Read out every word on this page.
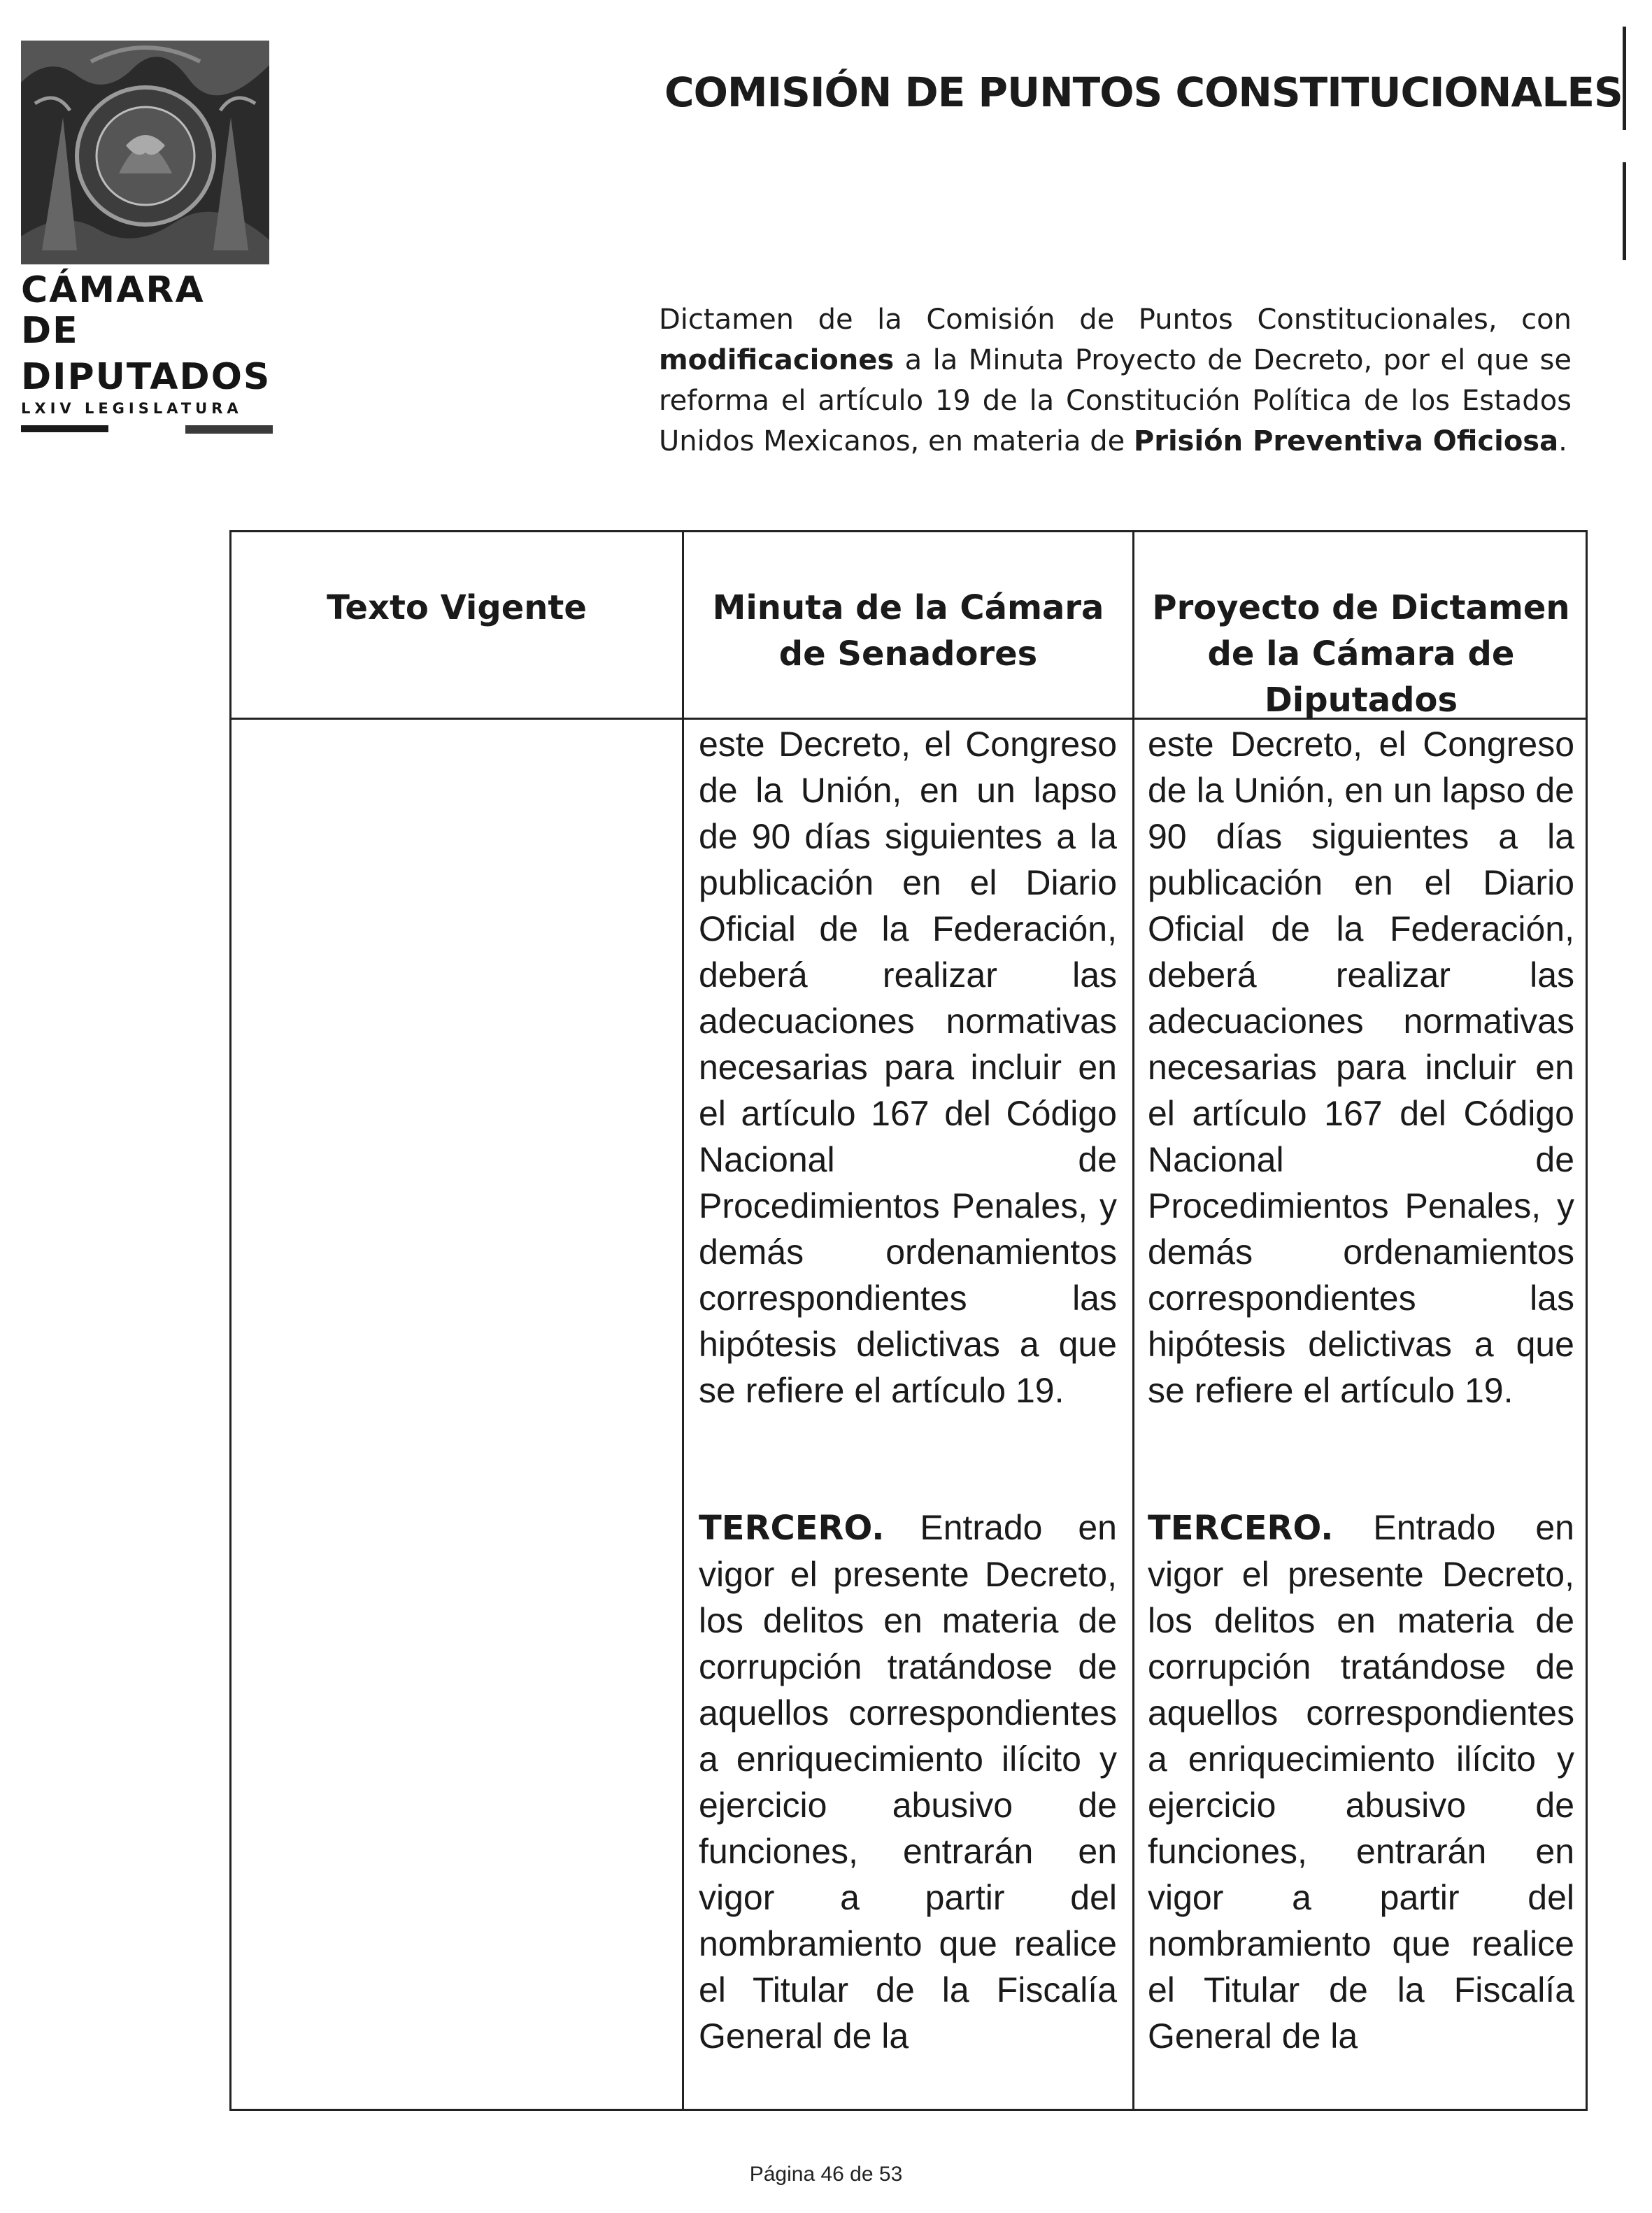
CÁMARA DE
DIPUTADOS
LXIV LEGISLATURA
COMISIÓN DE PUNTOS CONSTITUCIONALES
Dictamen de la Comisión de Puntos Constitucionales, con modificaciones a la Minuta Proyecto de Decreto, por el que se reforma el artículo 19 de la Constitución Política de los Estados Unidos Mexicanos, en materia de Prisión Preventiva Oficiosa.
Texto Vigente	Minuta de la Cámara de Senadores
Proyecto de Dictamen de la Cámara de Diputados
este Decreto, el Congreso de la Unión, en un lapso de 90 días siguientes a la publicación en el Diario Oficial de la Federación, deberá realizar las adecuaciones normativas necesarias para incluir en el artículo 167 del Código Nacional de Procedimientos Penales, y demás ordenamientos correspondientes las hipótesis delictivas a que se refiere el artículo 19.
este Decreto, el Congreso de la Unión, en un lapso de 90 días siguientes a la publicación en el Diario Oficial de la Federación, deberá realizar las adecuaciones normativas necesarias para incluir en el artículo 167 del Código Nacional de Procedimientos Penales, y demás ordenamientos correspondientes las hipótesis delictivas a que se refiere el artículo 19.
TERCERO. Entrado en vigor el presente Decreto, los delitos en materia de corrupción tratándose de aquellos correspondientes a enriquecimiento ilícito y ejercicio abusivo de funciones, entrarán en vigor a partir del nombramiento que realice el Titular de la Fiscalía General de la
TERCERO. Entrado en vigor el presente Decreto, los delitos en materia de corrupción tratándose de aquellos correspondientes a enriquecimiento ilícito y ejercicio abusivo de funciones, entrarán en vigor a partir del nombramiento que realice el Titular de la Fiscalía General de la
Página 46 de 53
